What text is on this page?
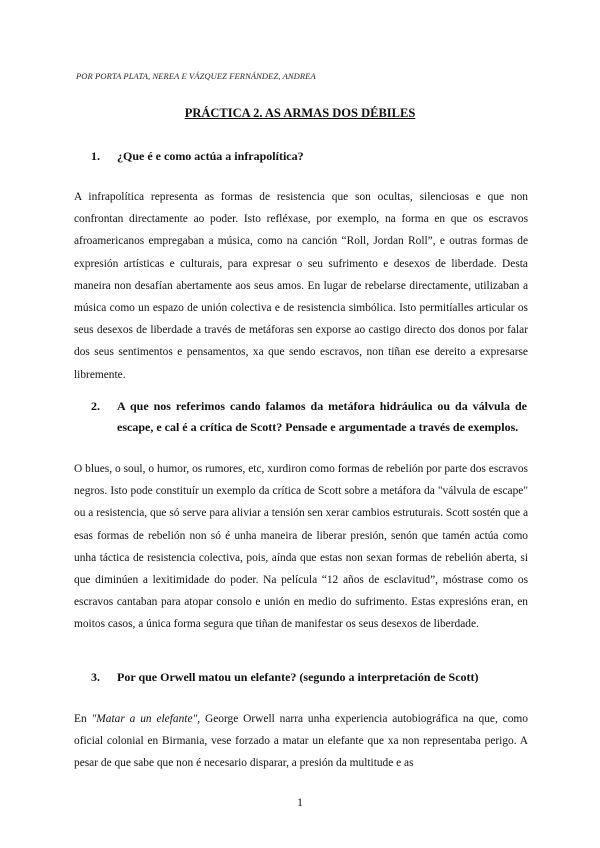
POR PORTA PLATA, NEREA E VÁZQUEZ FERNÁNDEZ, ANDREA
PRÁCTICA 2. AS ARMAS DOS DÉBILES
1. ¿Que é e como actúa a infrapolítica?

A infrapolítica representa as formas de resistencia que son ocultas, silenciosas e que non confrontan directamente ao poder. Isto refléxase, por exemplo, na forma en que os escravos afroamericanos empregaban a música, como na canción “Roll, Jordan Roll”, e outras formas de expresión artísticas e culturais, para expresar o seu sufrimento e desexos de liberdade. Desta maneira non desafían abertamente aos seus amos. En lugar de rebelarse directamente, utilizaban a música como un espazo de unión colectiva e de resistencia simbólica. Isto permitíalles articular os seus desexos de liberdade a través de metáforas sen exporse ao castigo directo dos donos por falar dos seus sentimentos e pensamentos, xa que sendo escravos, non tiñan ese dereito a expresarse libremente.

2. A que nos referimos cando falamos da metáfora hidráulica ou da válvula de escape, e cal é a crítica de Scott? Pensade e argumentade a través de exemplos.

O blues, o soul, o humor, os rumores, etc, xurdiron como formas de rebelión por parte dos escravos negros. Isto pode constituír un exemplo da crítica de Scott sobre a metáfora da "válvula de escape" ou a resistencia, que só serve para aliviar a tensión sen xerar cambios estruturais. Scott sostén que a esas formas de rebelión non só é unha maneira de liberar presión, senón que tamén actúa como unha táctica de resistencia colectiva, pois, aínda que estas non sexan formas de rebelión aberta, si que diminúen a lexitimidade do poder. Na película “12 años de esclavitud”, móstrase como os escravos cantaban para atopar consolo e unión en medio do sufrimento. Estas expresións eran, en moitos casos, a única forma segura que tiñan de manifestar os seus desexos de liberdade.

3. Por que Orwell matou un elefante? (segundo a interpretación de Scott)

En "Matar a un elefante", George Orwell narra unha experiencia autobiográfica na que, como oficial colonial en Birmania, vese forzado a matar un elefante que xa non representaba perigo. A pesar de que sabe que non é necesario disparar, a presión da multitude e as

1
